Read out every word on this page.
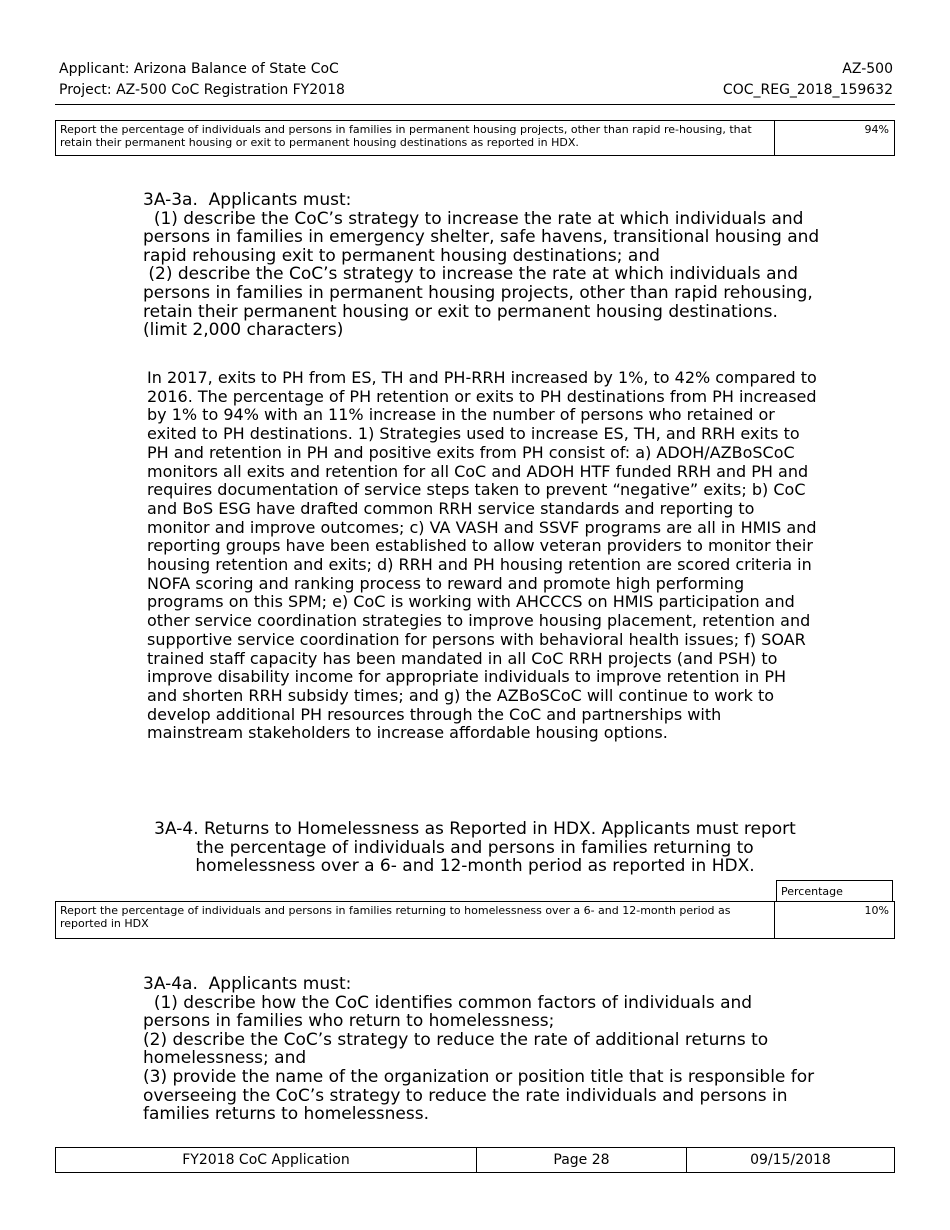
Applicant: Arizona Balance of State CoC
Project: AZ-500 CoC Registration FY2018
AZ-500
COC_REG_2018_159632
Report the percentage of individuals and persons in families in permanent housing projects, other than rapid re-housing, that retain their permanent housing or exit to permanent housing destinations as reported in HDX.	94%
3A-3a.  Applicants must:
(1) describe the CoC’s strategy to increase the rate at which individuals and persons in families in emergency shelter, safe havens, transitional housing and rapid rehousing exit to permanent housing destinations; and
(2) describe the CoC’s strategy to increase the rate at which individuals and persons in families in permanent housing projects, other than rapid rehousing, retain their permanent housing or exit to permanent housing destinations.
(limit 2,000 characters)
In 2017, exits to PH from ES, TH and PH-RRH increased by 1%, to 42% compared to 2016. The percentage of PH retention or exits to PH destinations from PH increased by 1% to 94% with an 11% increase in the number of persons who retained or exited to PH destinations. 1) Strategies used to increase ES, TH, and RRH exits to PH and retention in PH and positive exits from PH consist of: a) ADOH/AZBoSCoC monitors all exits and retention for all CoC and ADOH HTF funded RRH and PH and requires documentation of service steps taken to prevent “negative” exits; b) CoC and BoS ESG have drafted common RRH service standards and reporting to monitor and improve outcomes; c) VA VASH and SSVF programs are all in HMIS and reporting groups have been established to allow veteran providers to monitor their housing retention and exits; d) RRH and PH housing retention are scored criteria in NOFA scoring and ranking process to reward and promote high performing programs on this SPM; e) CoC is working with AHCCCS on HMIS participation and other service coordination strategies to improve housing placement, retention and supportive service coordination for persons with behavioral health issues; f) SOAR trained staff capacity has been mandated in all CoC RRH projects (and PSH) to improve disability income for appropriate individuals to improve retention in PH and shorten RRH subsidy times; and g) the AZBoSCoC will continue to work to develop additional PH resources through the CoC and partnerships with mainstream stakeholders to increase affordable housing options.
3A-4. Returns to Homelessness as Reported in HDX. Applicants must report the percentage of individuals and persons in families returning to homelessness over a 6- and 12-month period as reported in HDX.
Percentage
Report the percentage of individuals and persons in families returning to homelessness over a 6- and 12-month period as reported in HDX	10%
3A-4a.  Applicants must:
(1) describe how the CoC identifies common factors of individuals and persons in families who return to homelessness;
(2) describe the CoC’s strategy to reduce the rate of additional returns to homelessness; and
(3) provide the name of the organization or position title that is responsible for overseeing the CoC’s strategy to reduce the rate individuals and persons in families returns to homelessness.
FY2018 CoC Application	Page 28	09/15/2018
